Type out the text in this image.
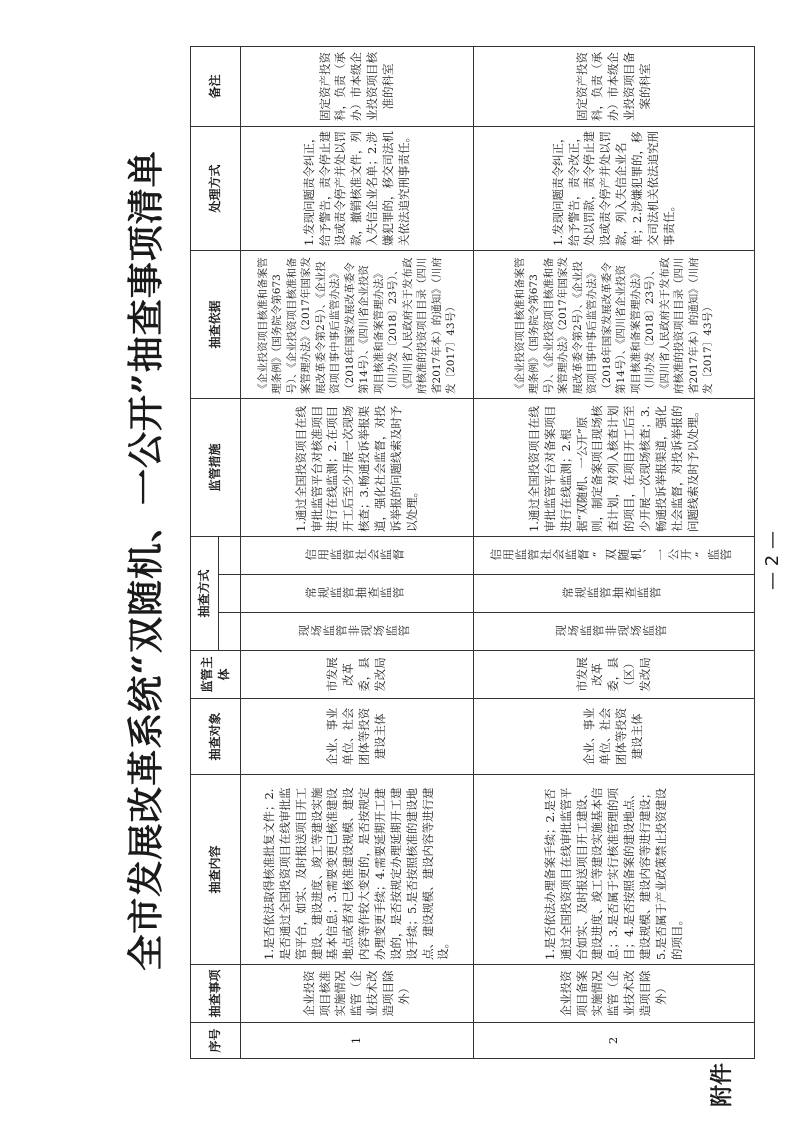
附件
全市发展改革系统“双随机、一公开”抽查事项清单
序号	抽查事项	抽查内容	抽查对象	监管主体	抽查方式			监管措施	抽查依据	处理方式	备注

1	企业投资项目核准实施情况监管（企业技术改造项目除外）	1.是否依法取得核准批复文件；2.是否通过全国投资项目在线审批监管平台，如实、及时报送项目开工建设、建设进度、竣工等建设实施基本信息；3.需要变更已核准建设地点或者对已核准建设规模、建设内容等作较大变更的，是否按规定办理变更手续；4.需要延期开工建设的，是否按规定办理延期开工建设手续；5.是否按照核准的建设地点、建设规模、建设内容等进行建设。	企业、事业单位、社会团体等投资建设主体	市发展改革委，县发改局	现场监管非现场监管	常规监管抽查监管	信用监管社会监督	1.通过全国投资项目在线审批监管平台对核准项目进行在线监测；2.在项目开工后至少开展一次现场核查；3.畅通投诉举报渠道，强化社会监督，对投诉举报的问题线索及时予以处理。	《企业投资项目核准和备案管理条例》（国务院令第673号）、《企业投资项目核准和备案管理办法》（2017年国家发展改革委令第2号）、《企业投资项目事中事后监管办法》（2018年国家发展改革委令第14号）、《四川省企业投资项目核准和备案管理办法》（川办发〔2018〕23号）、《四川省人民政府关于发布政府核准的投资项目目录（四川省2017年本）的通知》（川府发〔2017〕43号）	1.发现问题责令纠正，给予警告，责令停止建设或责令停产并处以罚款，撤销核准文件，列入失信企业名单；2.涉嫌犯罪的，移交司法机关依法追究刑事责任。	固定资产投资科，负责（承办）市本级企业投资项目核准的科室
2	企业投资项目备案实施情况监管（企业技术改造项目除外）	1.是否依法办理备案手续；2.是否通过全国投资项目在线审批监管平台如实、及时报送项目开工建设、建设进度、竣工等建设实施基本信息；3.是否属于实行核准管理的项目；4.是否按照备案的建设地点、建设规模、建设内容等进行建设；5.是否属于产业政策禁止投资建设的项目。	企业、事业单位、社会团体等投资建设主体	市发展改革委，县（区）发改局	现场监管非现场监管	常规监管抽查监管	信用监管社会监督“双随机、一公开”监管	1.通过全国投资项目在线审批监管平台对备案项目进行在线监测；2.根据“双随机、一公开”原则，制定备案项目现场核查计划，对列入核查计划的项目，在项目开工后至少开展一次现场核查；3.畅通投诉举报渠道，强化社会监督，对投诉举报的问题线索及时予以处理。	《企业投资项目核准和备案管理条例》（国务院令第673号）、《企业投资项目核准和备案管理办法》（2017年国家发展改革委令第2号）、《企业投资项目事中事后监管办法》（2018年国家发展改革委令第14号）、《四川省企业投资项目核准和备案管理办法》（川办发〔2018〕23号）、《四川省人民政府关于发布政府核准的投资项目目录（四川省2017年本）的通知》（川府发〔2017〕43号）	1.发现问题责令纠正，给予警告，责令改正，处以罚款，责令停止建设或责令停产并处以罚款，列入失信企业名单；2.涉嫌犯罪的，移交司法机关依法追究刑事责任。	固定资产投资科，负责（承办）市本级企业投资项目备案的科室
— 2 —
